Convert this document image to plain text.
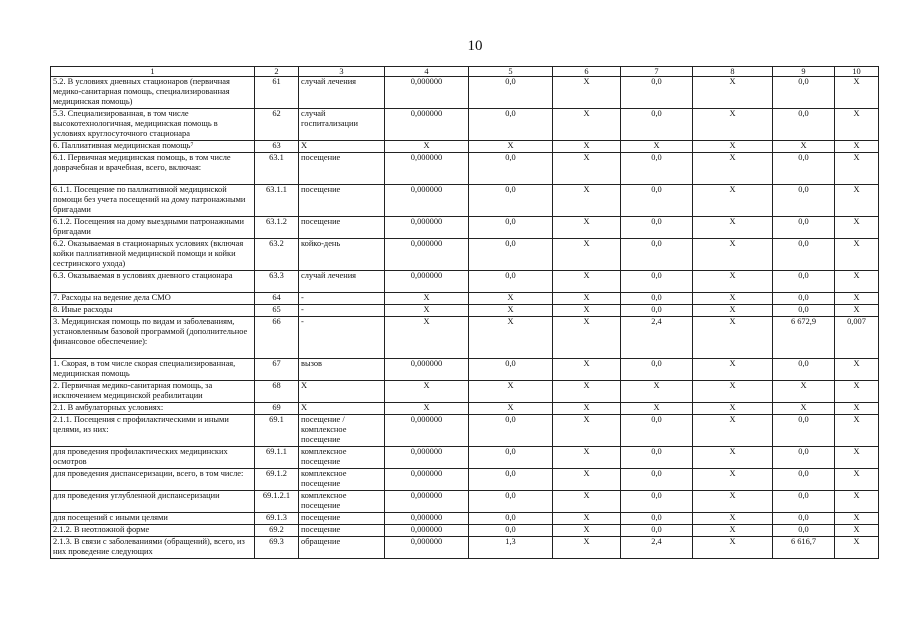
10
1	2	3	4	5	6	7	8	9	10
5.2. В условиях дневных стационаров (первичная медико-санитарная помощь, специализированная медицинская помощь)	61	случай лечения	0,000000	0,0	X	0,0	X	0,0	X
5.3. Специализированная, в том числе высокотехнологичная, медицинская помощь в условиях круглосуточного стационара	62	случай госпитализации	0,000000	0,0	X	0,0	X	0,0	X
6. Паллиативная медицинская помощь⁷	63	X	X	X	X	X	X	X	X
6.1. Первичная медицинская помощь, в том числе доврачебная и врачебная, всего, включая:	63.1	посещение	0,000000	0,0	X	0,0	X	0,0	X
6.1.1. Посещение по паллиативной медицинской помощи без учета посещений на дому патронажными бригадами	63.1.1	посещение	0,000000	0,0	X	0,0	X	0,0	X
6.1.2. Посещения на дому выездными патронажными бригадами	63.1.2	посещение	0,000000	0,0	X	0,0	X	0,0	X
6.2. Оказываемая в стационарных условиях (включая койки паллиативной медицинской помощи и койки сестринского ухода)	63.2	койко-день	0,000000	0,0	X	0,0	X	0,0	X
6.3. Оказываемая в условиях дневного стационара	63.3	случай лечения	0,000000	0,0	X	0,0	X	0,0	X
7. Расходы на ведение дела СМО	64	-	X	X	X	0,0	X	0,0	X
8. Иные расходы	65	-	X	X	X	0,0	X	0,0	X
3. Медицинская помощь по видам и заболеваниям, установленным базовой программой (дополнительное финансовое обеспечение):	66	-	X	X	X	2,4	X	6 672,9	0,007
1. Скорая, в том числе скорая специализированная, медицинская помощь	67	вызов	0,000000	0,0	X	0,0	X	0,0	X
2. Первичная медико-санитарная помощь, за исключением медицинской реабилитации	68	X	X	X	X	X	X	X	X
2.1. В амбулаторных условиях:	69	X	X	X	X	X	X	X	X
2.1.1. Посещения с профилактическими и иными целями, из них:	69.1	посещение / комплексное посещение	0,000000	0,0	X	0,0	X	0,0	X
для проведения профилактических медицинских осмотров	69.1.1	комплексное посещение	0,000000	0,0	X	0,0	X	0,0	X
для проведения диспансеризации, всего, в том числе:	69.1.2	комплексное посещение	0,000000	0,0	X	0,0	X	0,0	X
для проведения углубленной диспансеризации	69.1.2.1	комплексное посещение	0,000000	0,0	X	0,0	X	0,0	X
для посещений с иными целями	69.1.3	посещение	0,000000	0,0	X	0,0	X	0,0	X
2.1.2. В неотложной форме	69.2	посещение	0,000000	0,0	X	0,0	X	0,0	X
2.1.3. В связи с заболеваниями (обращений), всего, из них проведение следующих	69.3	обращение	0,000000	1,3	X	2,4	X	6 616,7	X
